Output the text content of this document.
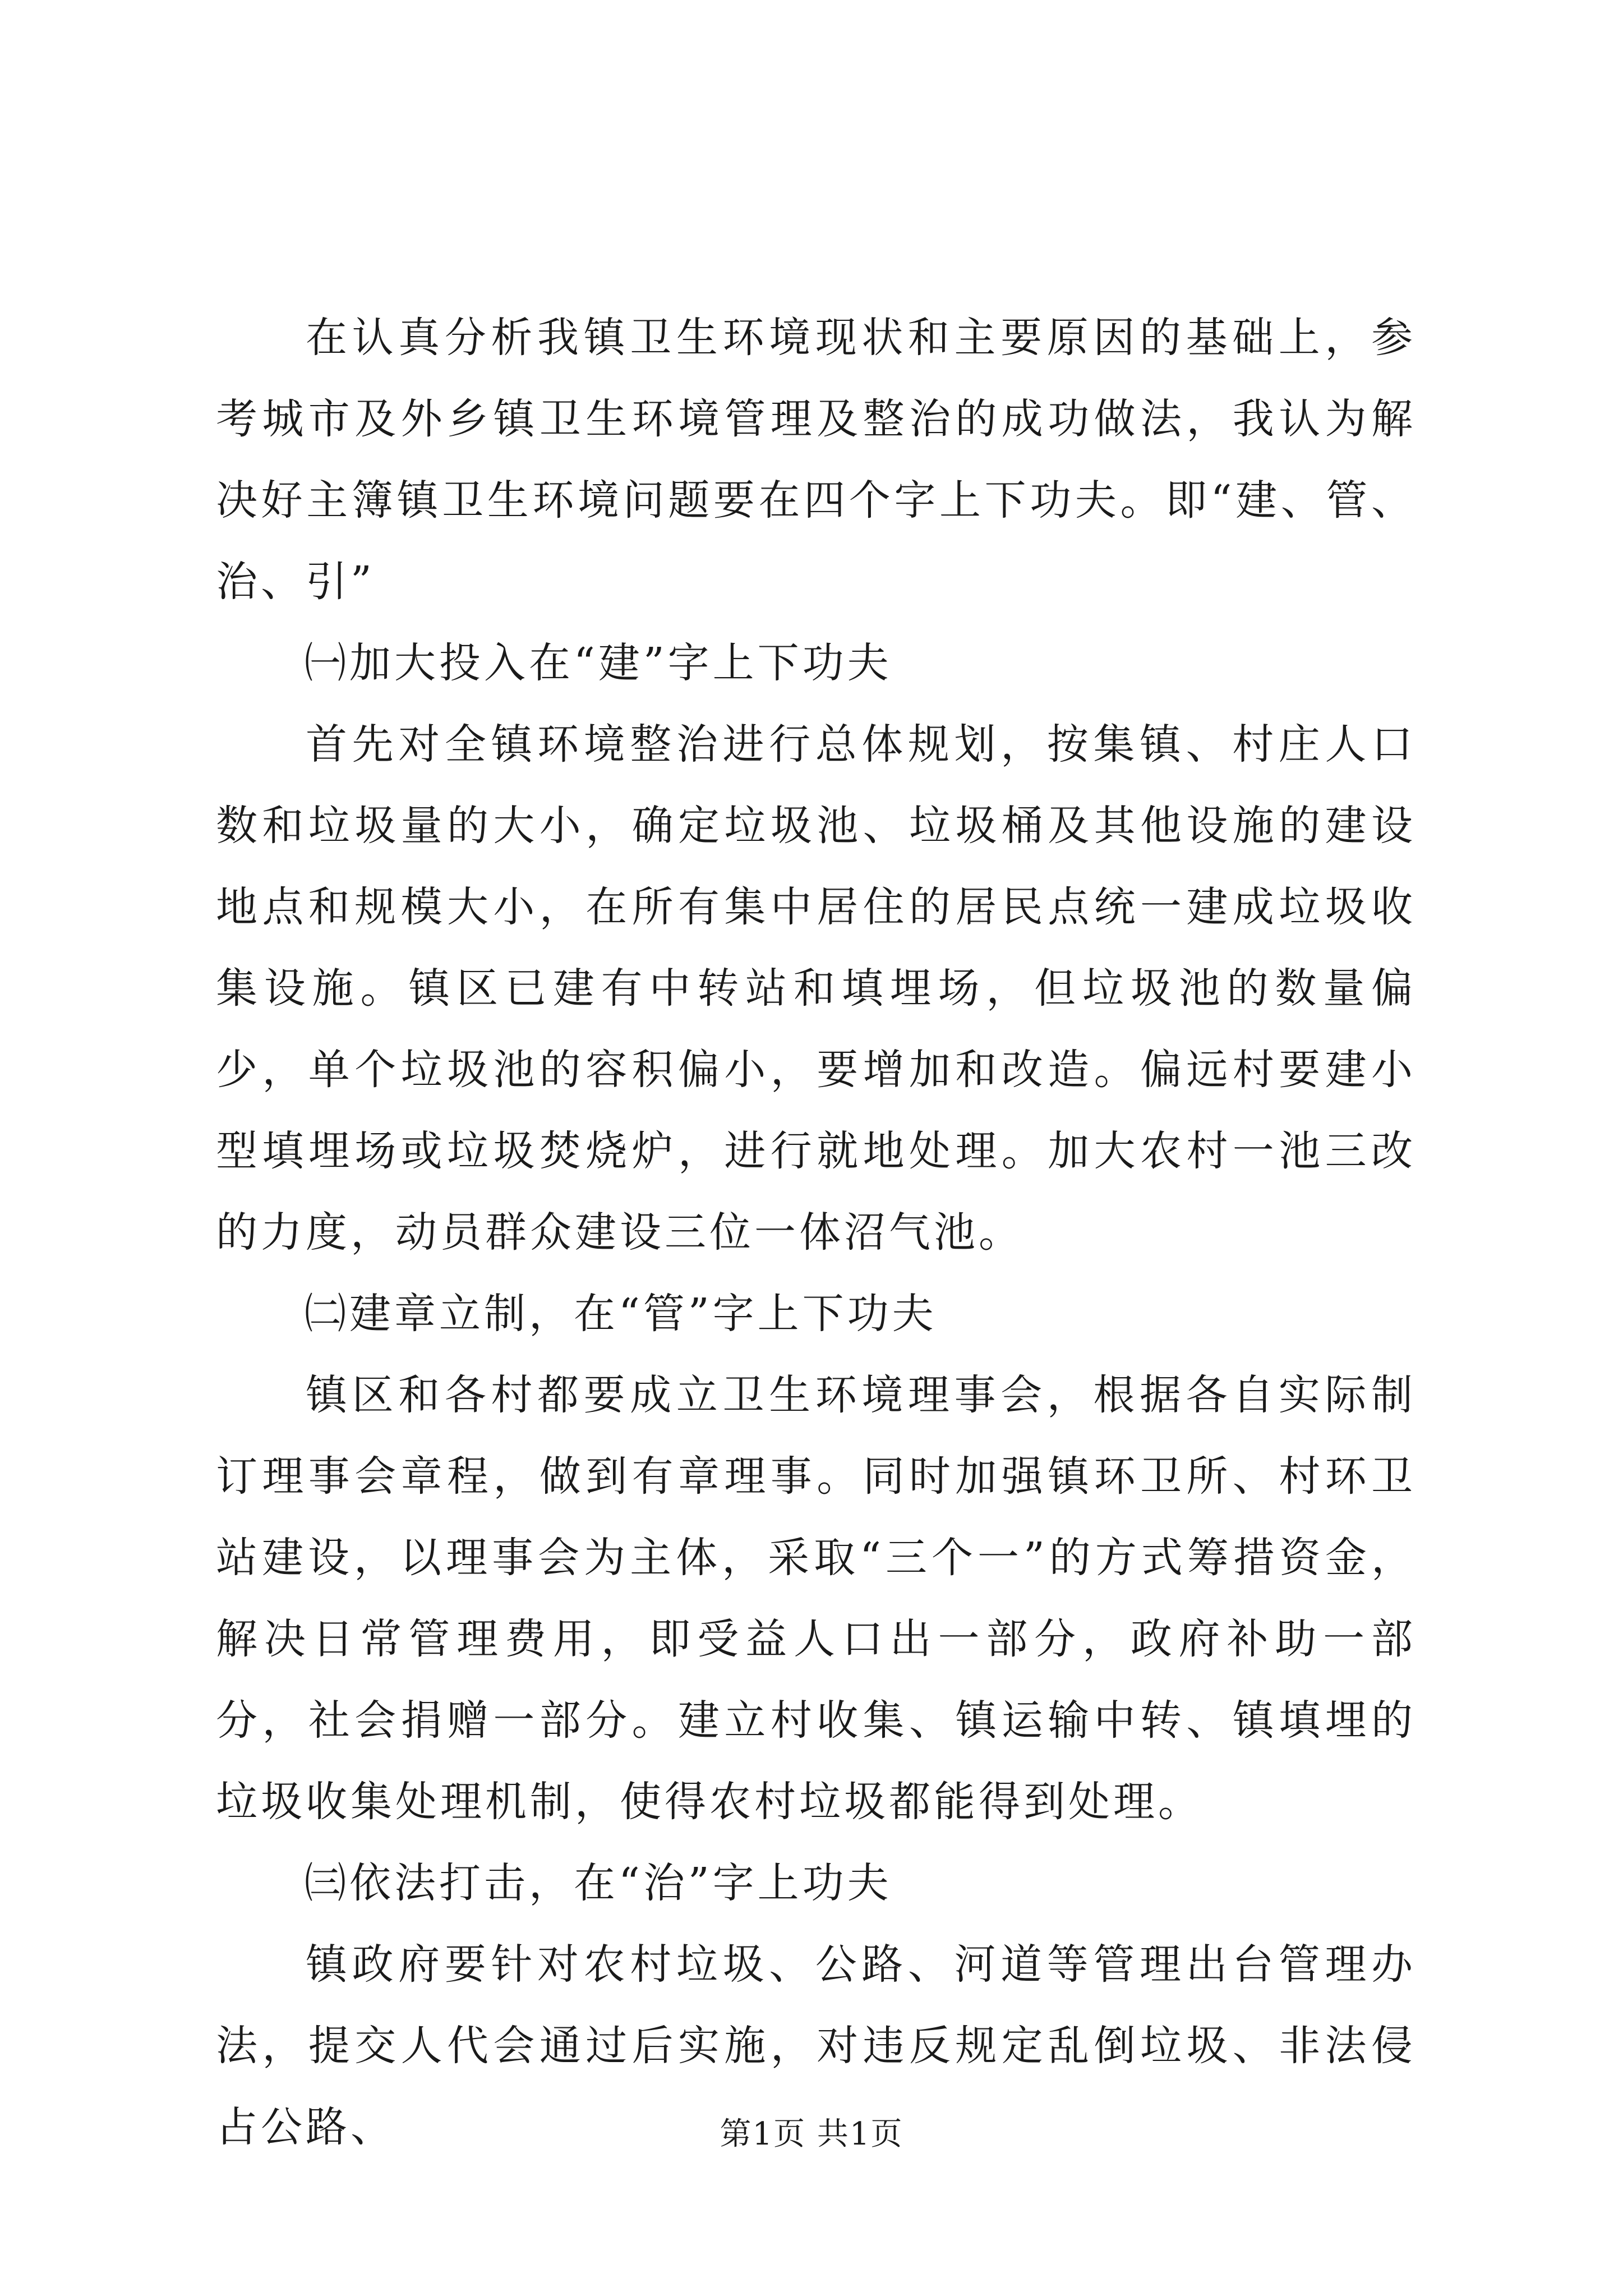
在认真分析我镇卫生环境现状和主要原因的基础上，参考城市及外乡镇卫生环境管理及整治的成功做法，我认为解决好主簿镇卫生环境问题要在四个字上下功夫。即“建、管、治、引”

㈠加大投入在“建”字上下功夫

首先对全镇环境整治进行总体规划，按集镇、村庄人口数和垃圾量的大小，确定垃圾池、垃圾桶及其他设施的建设地点和规模大小，在所有集中居住的居民点统一建成垃圾收集设施。镇区已建有中转站和填埋场，但垃圾池的数量偏少，单个垃圾池的容积偏小，要增加和改造。偏远村要建小型填埋场或垃圾焚烧炉，进行就地处理。加大农村一池三改的力度，动员群众建设三位一体沼气池。

㈡建章立制，在“管”字上下功夫

镇区和各村都要成立卫生环境理事会，根据各自实际制订理事会章程，做到有章理事。同时加强镇环卫所、村环卫站建设，以理事会为主体，采取“三个一”的方式筹措资金，解决日常管理费用，即受益人口出一部分，政府补助一部分，社会捐赠一部分。建立村收集、镇运输中转、镇填埋的垃圾收集处理机制，使得农村垃圾都能得到处理。

㈢依法打击，在“治”字上功夫

镇政府要针对农村垃圾、公路、河道等管理出台管理办法，提交人代会通过后实施，对违反规定乱倒垃圾、非法侵占公路、	第1页 共1页
